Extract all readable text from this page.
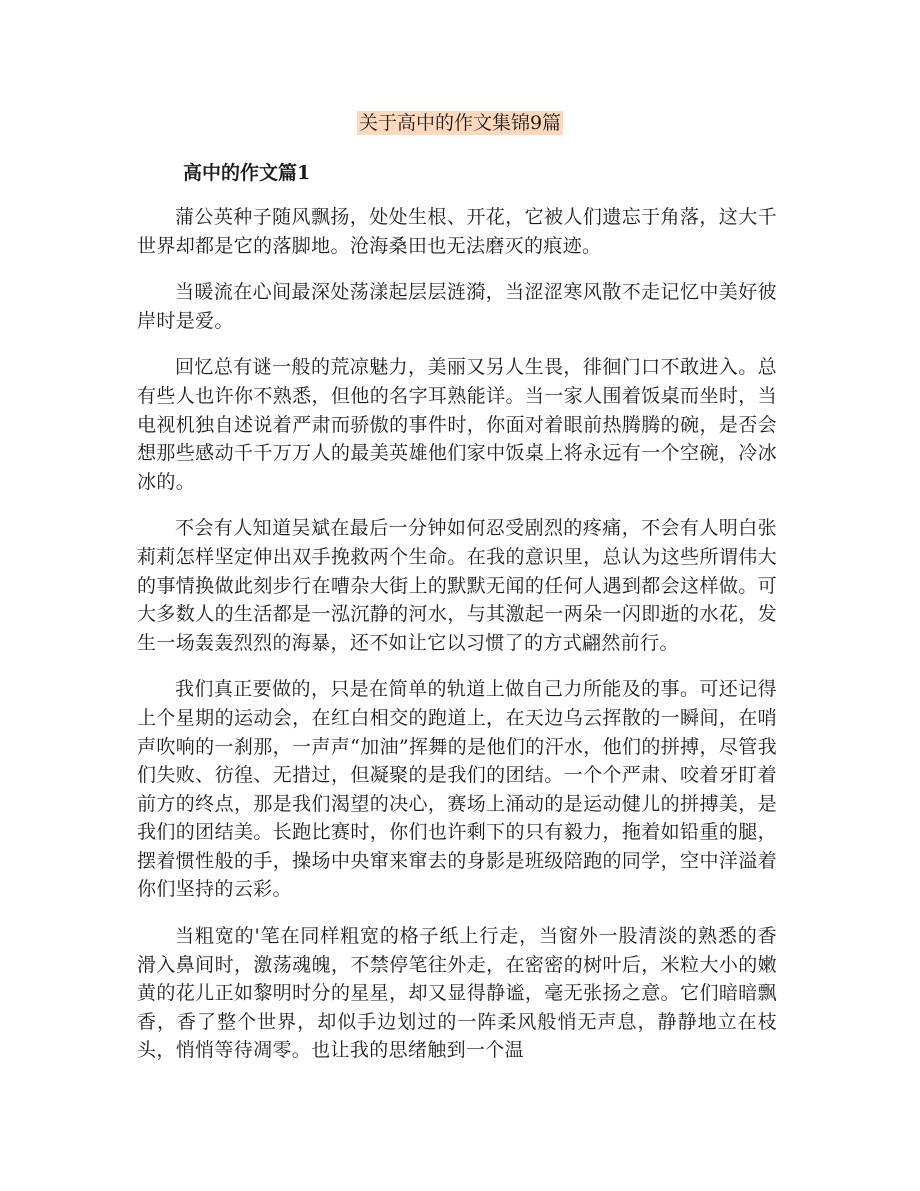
关于高中的作文集锦9篇
高中的作文篇1

蒲公英种子随风飘扬，处处生根、开花，它被人们遗忘于角落，这大千世界却都是它的落脚地。沧海桑田也无法磨灭的痕迹。

当暖流在心间最深处荡漾起层层涟漪，当涩涩寒风散不走记忆中美好彼岸时是爱。

回忆总有谜一般的荒凉魅力，美丽又另人生畏，徘徊门口不敢进入。总有些人也许你不熟悉，但他的名字耳熟能详。当一家人围着饭桌而坐时，当电视机独自述说着严肃而骄傲的事件时，你面对着眼前热腾腾的碗，是否会想那些感动千千万万人的最美英雄他们家中饭桌上将永远有一个空碗，冷冰冰的。

不会有人知道吴斌在最后一分钟如何忍受剧烈的疼痛，不会有人明白张莉莉怎样坚定伸出双手挽救两个生命。在我的意识里，总认为这些所谓伟大的事情换做此刻步行在嘈杂大街上的默默无闻的任何人遇到都会这样做。可大多数人的生活都是一泓沉静的河水，与其激起一两朵一闪即逝的水花，发生一场轰轰烈烈的海暴，还不如让它以习惯了的方式翩然前行。

我们真正要做的，只是在简单的轨道上做自己力所能及的事。可还记得上个星期的运动会，在红白相交的跑道上，在天边乌云挥散的一瞬间，在哨声吹响的一刹那，一声声“加油”挥舞的是他们的汗水，他们的拼搏，尽管我们失败、彷徨、无措过，但凝聚的是我们的团结。一个个严肃、咬着牙盯着前方的终点，那是我们渴望的决心，赛场上涌动的是运动健儿的拼搏美，是我们的团结美。长跑比赛时，你们也许剩下的只有毅力，拖着如铅重的腿，摆着惯性般的手，操场中央窜来窜去的身影是班级陪跑的同学，空中洋溢着你们坚持的云彩。

当粗宽的'笔在同样粗宽的格子纸上行走，当窗外一股清淡的熟悉的香滑入鼻间时，激荡魂魄，不禁停笔往外走，在密密的树叶后，米粒大小的嫩黄的花儿正如黎明时分的星星，却又显得静谧，毫无张扬之意。它们暗暗飘香，香了整个世界，却似手边划过的一阵柔风般悄无声息，静静地立在枝头，悄悄等待凋零。也让我的思绪触到一个温
